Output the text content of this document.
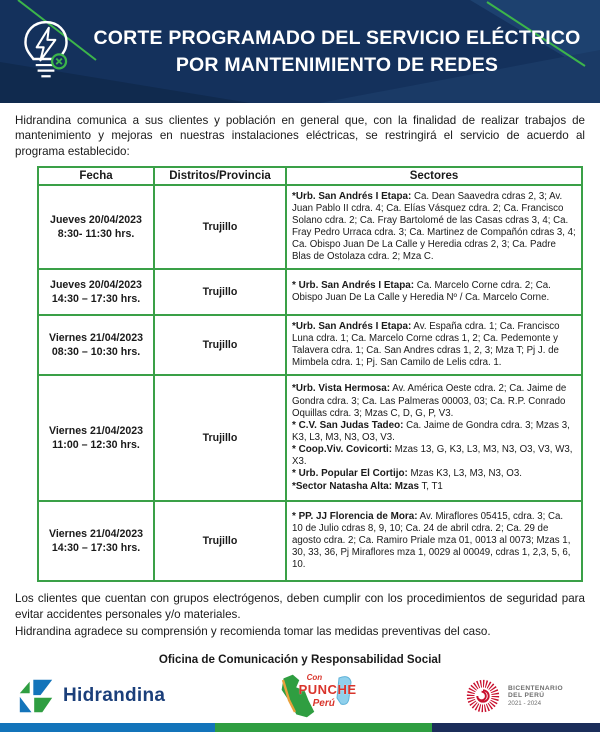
CORTE PROGRAMADO DEL SERVICIO ELÉCTRICO
POR MANTENIMIENTO DE REDES

Hidrandina comunica a sus clientes y población en general que, con la finalidad de realizar trabajos de mantenimiento y mejoras en nuestras instalaciones eléctricas, se restringirá el servicio de acuerdo al programa establecido:

Fecha	Distritos/Provincia	Sectores

Jueves 20/04/2023
8:30- 11:30 hrs.	Trujillo	*Urb. San Andrés I Etapa: Ca. Dean Saavedra cdras 2, 3; Av. Juan Pablo II cdra. 4; Ca. Elías Vásquez cdra. 2; Ca. Francisco Solano cdra. 2; Ca. Fray Bartolomé de las Casas cdras 3, 4; Ca. Fray Pedro Urraca cdra. 3; Ca. Martinez de Compañón cdras 3, 4; Ca. Obispo Juan De La Calle y Heredia cdras 2, 3; Ca. Padre Blas de Ostolaza cdra. 2; Mza C.

Jueves 20/04/2023
14:30 – 17:30 hrs.	Trujillo	* Urb. San Andrés I Etapa: Ca. Marcelo Corne cdra. 2; Ca. Obispo Juan De La Calle y Heredia Nº / Ca. Marcelo Corne.

Viernes 21/04/2023
08:30 – 10:30 hrs.	Trujillo	*Urb. San Andrés I Etapa: Av. España cdra. 1; Ca. Francisco Luna cdra. 1; Ca. Marcelo Corne cdras 1, 2; Ca. Pedemonte y Talavera cdra. 1; Ca. San Andres cdras 1, 2, 3; Mza T; Pj J. de Mimbela cdra. 1; Pj. San Camilo de Lelis cdra. 1.

Viernes 21/04/2023
11:00 – 12:30 hrs.
	Trujillo	
*Urb. Vista Hermosa: Av. América Oeste cdra. 2; Ca. Jaime de Gondra cdra. 3; Ca. Las Palmeras 00003, 03; Ca. R.P. Conrado Oquillas cdra. 3; Mzas C, D, G, P, V3.
* C.V. San Judas Tadeo: Ca. Jaime de Gondra cdra. 3; Mzas 3, K3, L3, M3, N3, O3, V3.
* Coop.Viv. Covicorti: Mzas 13, G, K3, L3, M3, N3, O3, V3, W3, X3.
* Urb. Popular El Cortijo: Mzas K3, L3, M3, N3, O3.
*Sector Natasha Alta: Mzas T, T1

Viernes 21/04/2023
14:30 – 17:30 hrs.	Trujillo	* PP. JJ Florencia de Mora: Av. Miraflores 05415, cdra. 3; Ca. 10 de Julio cdras 8, 9, 10; Ca. 24 de abril cdra. 2; Ca. 29 de agosto cdra. 2; Ca. Ramiro Priale mza 01, 0013 al 0073; Mzas 1, 30, 33, 36, Pj Miraflores mza 1, 0029 al 00049, cdras 1, 2,3, 5, 6, 10.

Los clientes que cuentan con grupos electrógenos, deben cumplir con los procedimientos de seguridad para evitar accidentes personales y/o materiales.

Hidrandina agradece su comprensión y recomienda tomar las medidas preventivas del caso.

Oficina de Comunicación y Responsabilidad Social

Hidrandina
Con
PUNCHE
Perú
BICENTENARIO
DEL PERÚ
2021 - 2024
